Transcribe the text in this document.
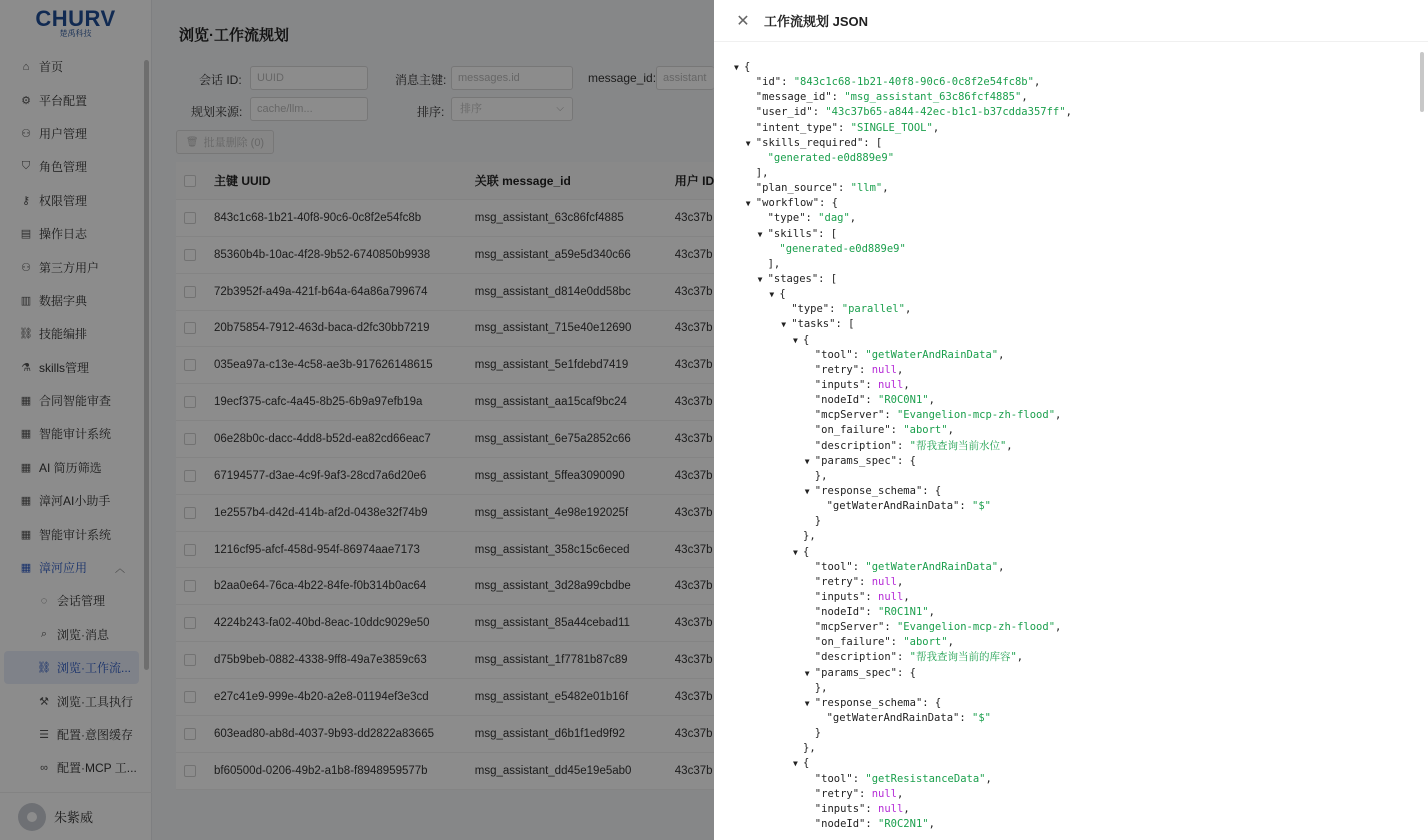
CHURV
楚禹科技
⌂ 首页
⚙ 平台配置
⚇ 用户管理
⛉ 角色管理
⚷ 权限管理
▤ 操作日志
⚇ 第三方用户
▥ 数据字典
⛓ 技能编排
⚗ skills管理
▦ 合同智能审查
▦ 智能审计系统
▦ AI 简历筛选
▦ 漳河AI小助手
▦ 智能审计系统
▦ 漳河应用	︿
◌ 会话管理
⌕ 浏览·消息
⛓ 浏览·工作流...
⚒ 浏览·工具执行
☰ 配置·意图缓存
∞ 配置·MCP 工...
朱紫威
浏览·工作流规划
会话 ID:	UUID	消息主键:	messages.id	message_id: assistant
规划来源:	cache/llm...	排序:	排序	⌵
🗑 批量删除 (0)
主键 UUID	关联 message_id	用户 ID
843c1c68-1b21-40f8-90c6-0c8f2e54fc8b	msg_assistant_63c86fcf4885	43c37b
85360b4b-10ac-4f28-9b52-6740850b9938	msg_assistant_a59e5d340c66	43c37b
72b3952f-a49a-421f-b64a-64a86a799674	msg_assistant_d814e0dd58bc	43c37b
20b75854-7912-463d-baca-d2fc30bb7219	msg_assistant_715e40e12690	43c37b
035ea97a-c13e-4c58-ae3b-917626148615	msg_assistant_5e1fdebd7419	43c37b
19ecf375-cafc-4a45-8b25-6b9a97efb19a	msg_assistant_aa15caf9bc24	43c37b
06e28b0c-dacc-4dd8-b52d-ea82cd66eac7	msg_assistant_6e75a2852c66	43c37b
67194577-d3ae-4c9f-9af3-28cd7a6d20e6	msg_assistant_5ffea3090090	43c37b
1e2557b4-d42d-414b-af2d-0438e32f74b9	msg_assistant_4e98e192025f	43c37b
1216cf95-afcf-458d-954f-86974aae7173	msg_assistant_358c15c6eced	43c37b
b2aa0e64-76ca-4b22-84fe-f0b314b0ac64	msg_assistant_3d28a99cbdbe	43c37b
4224b243-fa02-40bd-8eac-10ddc9029e50	msg_assistant_85a44cebad11	43c37b
d75b9beb-0882-4338-9ff8-49a7e3859c63	msg_assistant_1f7781b87c89	43c37b
e27c41e9-999e-4b20-a2e8-01194ef3e3cd	msg_assistant_e5482e01b16f	43c37b
603ead80-ab8d-4037-9b93-dd2822a83665	msg_assistant_d6b1f1ed9f92	43c37b
bf60500d-0206-49b2-a1b8-f8948959577b	msg_assistant_dd45e19e5ab0	43c37b
✕ 工作流规划 JSON
▼ {
"id": "843c1c68-1b21-40f8-90c6-0c8f2e54fc8b",
"message_id": "msg_assistant_63c86fcf4885",
"user_id": "43c37b65-a844-42ec-b1c1-b37cdda357ff",
"intent_type": "SINGLE_TOOL",
▼ "skills_required": [
"generated-e0d889e9"
],
"plan_source": "llm",
▼ "workflow": {
"type": "dag",
▼ "skills": [
"generated-e0d889e9"
],
▼ "stages": [
▼ {
"type": "parallel",
▼ "tasks": [
▼ {
"tool": "getWaterAndRainData",
"retry": null,
"inputs": null,
"nodeId": "R0C0N1",
"mcpServer": "Evangelion-mcp-zh-flood",
"on_failure": "abort",
"description": "帮我查询当前水位",
▼ "params_spec": {
},
▼ "response_schema": {
"getWaterAndRainData": "$"
}
},
▼ {
"tool": "getWaterAndRainData",
"retry": null,
"inputs": null,
"nodeId": "R0C1N1",
"mcpServer": "Evangelion-mcp-zh-flood",
"on_failure": "abort",
"description": "帮我查询当前的库容",
▼ "params_spec": {
},
▼ "response_schema": {
"getWaterAndRainData": "$"
}
},
▼ {
"tool": "getResistanceData",
"retry": null,
"inputs": null,
"nodeId": "R0C2N1",
